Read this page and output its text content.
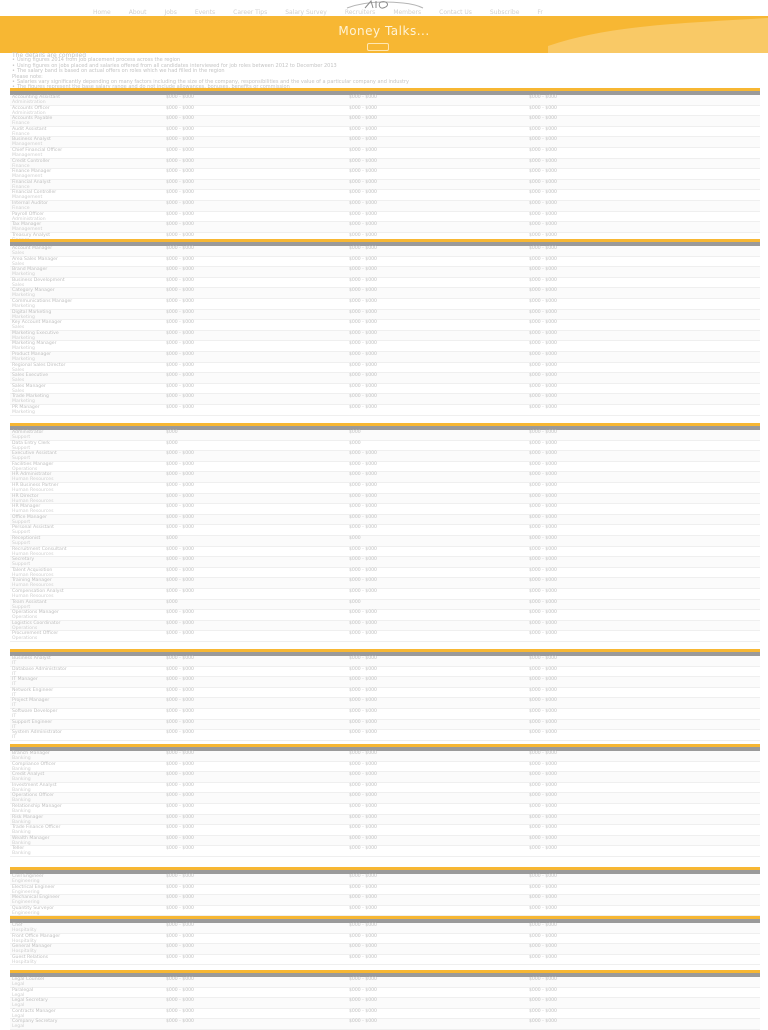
Home	About	Jobs	Events	Career Tips	Salary Survey	Recruiters	Members	Contact Us	Subscribe	Fr
Money Talks...
The details are compiled
• Using figures 2014 from job placement process across the region
• Using figures on jobs placed and salaries offered from all candidates interviewed for job roles between 2012 to December 2013
• The salary band is based on actual offers on roles which we had filled in the region
Please note:
• Salaries vary significantly depending on many factors including the size of the company, responsibilities and the value of a particular company and industry
•
•
Accounting Assistant
Administration
$000 - $000	$000 - $000	$000 - $000
Accounts Officer
Administration
$000 - $000	$000 - $000	$000 - $000
Accounts Payable
Finance
$000 - $000	$000 - $000	$000 - $000
Audit Assistant
Finance
$000 - $000	$000 - $000	$000 - $000
Business Analyst
Management
$000 - $000	$000 - $000	$000 - $000
Chief Financial Officer
Management
$000 - $000	$000 - $000	$000 - $000
Credit Controller
Finance
$000 - $000	$000 - $000	$000 - $000
Finance Manager
Management
$000 - $000	$000 - $000	$000 - $000
Financial Analyst
Finance
$000 - $000	$000 - $000	$000 - $000
Financial Controller
Management
$000 - $000	$000 - $000	$000 - $000
Internal Auditor
Finance
$000 - $000	$000 - $000	$000 - $000
Payroll Officer
Administration
$000 - $000	$000 - $000	$000 - $000
Tax Manager
Management
$000 - $000	$000 - $000	$000 - $000
Treasury Analyst	$000 - $000	$000 - $000	$000 - $000
Account Manager
Sales
$000 - $000	$000 - $000	$000 - $000
Area Sales Manager
Sales
$000 - $000	$000 - $000	$000 - $000
Brand Manager
Marketing
$000 - $000	$000 - $000	$000 - $000
Business Development
Sales
$000 - $000	$000 - $000	$000 - $000
Category Manager
Marketing
$000 - $000	$000 - $000	$000 - $000
Communications Manager
Marketing
$000 - $000	$000 - $000	$000 - $000
Digital Marketing
Marketing
$000 - $000	$000 - $000	$000 - $000
Key Account Manager
Sales
$000 - $000	$000 - $000	$000 - $000
Marketing Executive
Marketing
$000 - $000	$000 - $000	$000 - $000
Marketing Manager
Marketing
$000 - $000	$000 - $000	$000 - $000
Product Manager
Marketing
$000 - $000	$000 - $000	$000 - $000
Regional Sales Director
Sales
$000 - $000	$000 - $000	$000 - $000
Sales Executive
Sales
$000 - $000	$000 - $000	$000 - $000
Sales Manager
Sales
$000 - $000	$000 - $000	$000 - $000
Trade Marketing
Marketing
$000 - $000	$000 - $000	$000 - $000
PR Manager
Marketing
$000 - $000	$000 - $000	$000 - $000
Administrator
Support
$000	$000	$000 - $000
Data Entry Clerk
Support
$000	$000	$000 - $000
Executive Assistant
Support
$000 - $000	$000 - $000	$000 - $000
Facilities Manager
Operations
$000 - $000	$000 - $000	$000 - $000
HR Administrator
Human Resources
$000 - $000	$000 - $000	$000 - $000
HR Business Partner
Human Resources
$000 - $000	$000 - $000	$000 - $000
HR Director
Human Resources
$000 - $000	$000 - $000	$000 - $000
HR Manager
Human Resources
$000 - $000	$000 - $000	$000 - $000
Office Manager
Support
$000 - $000	$000 - $000	$000 - $000
Personal Assistant
Support
$000 - $000	$000 - $000	$000 - $000
Receptionist
Support
$000	$000	$000 - $000
Recruitment Consultant
Human Resources
$000 - $000	$000 - $000	$000 - $000
Secretary
Support
$000 - $000	$000 - $000	$000 - $000
Talent Acquisition
Human Resources
$000 - $000	$000 - $000	$000 - $000
Training Manager
Human Resources
$000 - $000	$000 - $000	$000 - $000
Compensation Analyst
Human Resources
$000 - $000	$000 - $000	$000 - $000
Team Assistant
Support
$000	$000	$000 - $000
Operations Manager
Operations
$000 - $000	$000 - $000	$000 - $000
Logistics Coordinator
Operations
$000 - $000	$000 - $000	$000 - $000
Procurement Officer
Operations
$000 - $000	$000 - $000	$000 - $000
Business Analyst
IT
$000 - $000	$000 - $000	$000 - $000
Database Administrator
IT
$000 - $000	$000 - $000	$000 - $000
IT Manager
IT
$000 - $000	$000 - $000	$000 - $000
Network Engineer
IT
$000 - $000	$000 - $000	$000 - $000
Project Manager
IT
$000 - $000	$000 - $000	$000 - $000
Software Developer
IT
$000 - $000	$000 - $000	$000 - $000
Support Engineer
IT
$000 - $000	$000 - $000	$000 - $000
System Administrator
IT
$000 - $000	$000 - $000	$000 - $000
Branch Manager
Banking
$000 - $000	$000 - $000	$000 - $000
Compliance Officer
Banking
$000 - $000	$000 - $000	$000 - $000
Credit Analyst
Banking
$000 - $000	$000 - $000	$000 - $000
Investment Analyst
Banking
$000 - $000	$000 - $000	$000 - $000
Operations Officer
Banking
$000 - $000	$000 - $000	$000 - $000
Relationship Manager
Banking
$000 - $000	$000 - $000	$000 - $000
Risk Manager
Banking
$000 - $000	$000 - $000	$000 - $000
Trade Finance Officer
Banking
$000 - $000	$000 - $000	$000 - $000
Wealth Manager
Banking
$000 - $000	$000 - $000	$000 - $000
Teller
Banking
$000 - $000	$000 - $000	$000 - $000
Civil Engineer
Engineering
$000 - $000	$000 - $000	$000 - $000
Electrical Engineer
Engineering
$000 - $000	$000 - $000	$000 - $000
Mechanical Engineer
Engineering
$000 - $000	$000 - $000	$000 - $000
Quantity Surveyor
Engineering
$000 - $000	$000 - $000	$000 - $000
Chef
Hospitality
$000 - $000	$000 - $000	$000 - $000
Front Office Manager
Hospitality
$000 - $000	$000 - $000	$000 - $000
General Manager
Hospitality
$000 - $000	$000 - $000	$000 - $000
Guest Relations
Hospitality
$000 - $000	$000 - $000	$000 - $000
Legal Counsel
Legal
$000 - $000	$000 - $000	$000 - $000
Paralegal
Legal
$000 - $000	$000 - $000	$000 - $000
Legal Secretary
Legal
$000 - $000	$000 - $000	$000 - $000
Contracts Manager
Legal
$000 - $000	$000 - $000	$000 - $000
Company Secretary
Legal
$000 - $000	$000 - $000	$000 - $000
